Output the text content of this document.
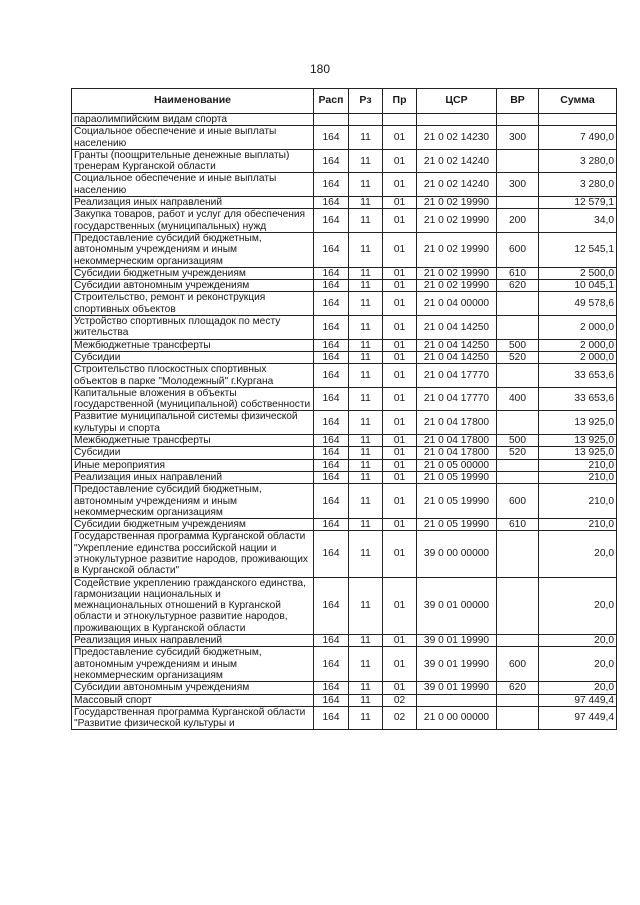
180
Наименование	Расп	Рз	Пр	ЦСР	ВР	Сумма
параолимпийским видам спорта						
Социальное обеспечение и иные выплаты населению	164	11	01	21 0 02 14230	300	7 490,0
Гранты (поощрительные денежные выплаты) тренерам Курганской области	164	11	01	21 0 02 14240		3 280,0
Социальное обеспечение и иные выплаты населению	164	11	01	21 0 02 14240	300	3 280,0
Реализация иных направлений	164	11	01	21 0 02 19990		12 579,1
Закупка товаров, работ и услуг для обеспечения государственных (муниципальных) нужд	164	11	01	21 0 02 19990	200	34,0
Предоставление субсидий бюджетным, автономным учреждениям и иным некоммерческим организациям	164	11	01	21 0 02 19990	600	12 545,1
Субсидии бюджетным учреждениям	164	11	01	21 0 02 19990	610	2 500,0
Субсидии автономным учреждениям	164	11	01	21 0 02 19990	620	10 045,1
Строительство, ремонт и реконструкция спортивных объектов	164	11	01	21 0 04 00000		49 578,6
Устройство спортивных площадок по месту жительства	164	11	01	21 0 04 14250		2 000,0
Межбюджетные трансферты	164	11	01	21 0 04 14250	500	2 000,0
Субсидии	164	11	01	21 0 04 14250	520	2 000,0
Строительство плоскостных спортивных объектов в парке "Молодежный" г.Кургана	164	11	01	21 0 04 17770		33 653,6
Капитальные вложения в объекты государственной (муниципальной) собственности	164	11	01	21 0 04 17770	400	33 653,6
Развитие муниципальной системы физической культуры и спорта	164	11	01	21 0 04 17800		13 925,0
Межбюджетные трансферты	164	11	01	21 0 04 17800	500	13 925,0
Субсидии	164	11	01	21 0 04 17800	520	13 925,0
Иные мероприятия	164	11	01	21 0 05 00000		210,0
Реализация иных направлений	164	11	01	21 0 05 19990		210,0
Предоставление субсидий бюджетным, автономным учреждениям и иным некоммерческим организациям	164	11	01	21 0 05 19990	600	210,0
Субсидии бюджетным учреждениям	164	11	01	21 0 05 19990	610	210,0
Государственная программа Курганской области "Укрепление единства российской нации и этнокультурное развитие народов, проживающих в Курганской области"	164	11	01	39 0 00 00000		20,0
Содействие укреплению гражданского единства, гармонизации национальных и межнациональных отношений в Курганской области и этнокультурное развитие народов, проживающих в Курганской области	164	11	01	39 0 01 00000		20,0
Реализация иных направлений	164	11	01	39 0 01 19990		20,0
Предоставление субсидий бюджетным, автономным учреждениям и иным некоммерческим организациям	164	11	01	39 0 01 19990	600	20,0
Субсидии автономным учреждениям	164	11	01	39 0 01 19990	620	20,0
Массовый спорт	164	11	02			97 449,4
Государственная программа Курганской области "Развитие физической культуры и	164	11	02	21 0 00 00000		97 449,4
